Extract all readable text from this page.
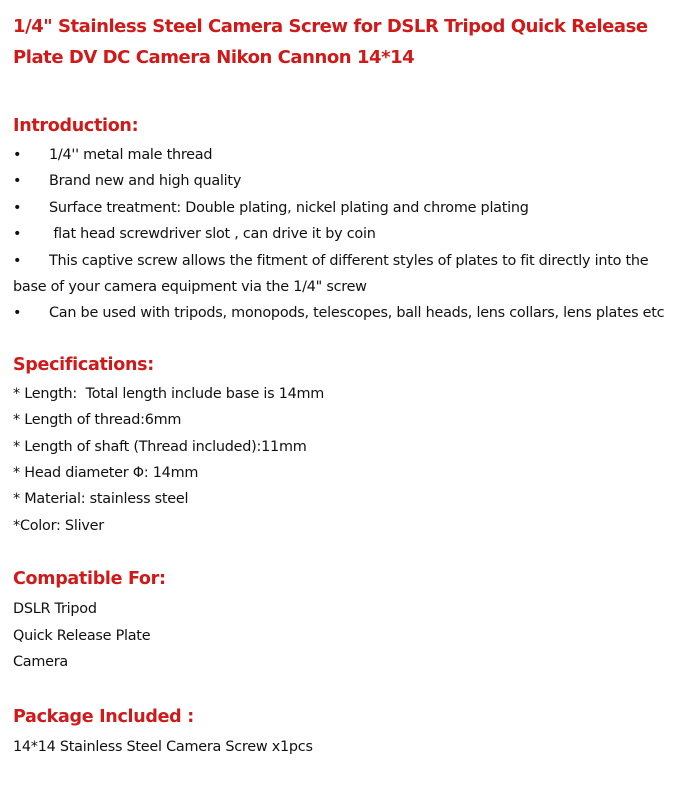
1/4" Stainless Steel Camera Screw for DSLR Tripod Quick Release Plate DV DC Camera Nikon Cannon 14*14
Introduction:
•	1/4'' metal male thread
•	Brand new and high quality
•	Surface treatment: Double plating, nickel plating and chrome plating
•	flat head screwdriver slot , can drive it by coin
• This captive screw allows the fitment of different styles of plates to fit directly into the base of your camera equipment via the 1/4" screw
• Can be used with tripods, monopods, telescopes, ball heads, lens collars, lens plates etc
Specifications:
* Length:  Total length include base is 14mm
* Length of thread:6mm
* Length of shaft (Thread included):11mm
* Head diameter Φ: 14mm
* Material: stainless steel
*Color: Sliver
Compatible For:
DSLR Tripod
Quick Release Plate
Camera
Package Included :
14*14 Stainless Steel Camera Screw x1pcs
